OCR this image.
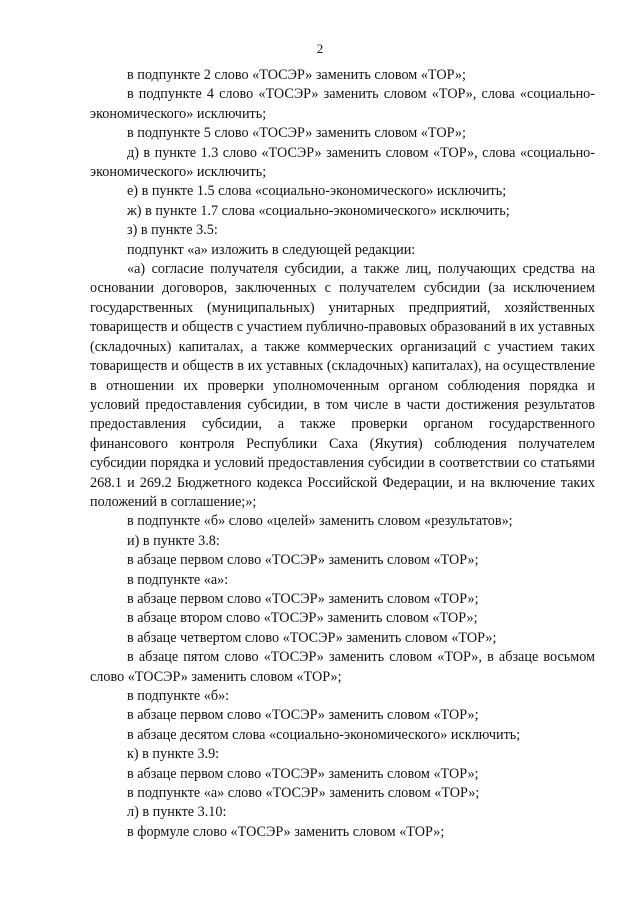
2

в подпункте 2 слово «ТОСЭР» заменить словом «ТОР»;

в подпункте 4 слово «ТОСЭР» заменить словом «ТОР», слова «социально-экономического» исключить;

в подпункте 5 слово «ТОСЭР» заменить словом «ТОР»;

д) в пункте 1.3 слово «ТОСЭР» заменить словом «ТОР», слова «социально-экономического» исключить;

е) в пункте 1.5 слова «социально-экономического» исключить;

ж) в пункте 1.7 слова «социально-экономического» исключить;

з) в пункте 3.5:

подпункт «а» изложить в следующей редакции:

«а) согласие получателя субсидии, а также лиц, получающих средства на основании договоров, заключенных с получателем субсидии (за исключением государственных (муниципальных) унитарных предприятий, хозяйственных товариществ и обществ с участием публично-правовых образований в их уставных (складочных) капиталах, а также коммерческих организаций с участием таких товариществ и обществ в их уставных (складочных) капиталах), на осуществление в отношении их проверки уполномоченным органом соблюдения порядка и условий предоставления субсидии, в том числе в части достижения результатов предоставления субсидии, а также проверки органом государственного финансового контроля Республики Саха (Якутия) соблюдения получателем субсидии порядка и условий предоставления субсидии в соответствии со статьями 268.1 и 269.2 Бюджетного кодекса Российской Федерации, и на включение таких положений в соглашение;»;

в подпункте «б» слово «целей» заменить словом «результатов»;

и) в пункте 3.8:

в абзаце первом слово «ТОСЭР» заменить словом «ТОР»;

в подпункте «а»:

в абзаце первом слово «ТОСЭР» заменить словом «ТОР»;

в абзаце втором слово «ТОСЭР» заменить словом «ТОР»;

в абзаце четвертом слово «ТОСЭР» заменить словом «ТОР»;

в абзаце пятом слово «ТОСЭР» заменить словом «ТОР», в абзаце восьмом слово «ТОСЭР» заменить словом «ТОР»;

в подпункте «б»:

в абзаце первом слово «ТОСЭР» заменить словом «ТОР»;

в абзаце десятом слова «социально-экономического» исключить;

к) в пункте 3.9:

в абзаце первом слово «ТОСЭР» заменить словом «ТОР»;

в подпункте «а» слово «ТОСЭР» заменить словом «ТОР»;

л) в пункте 3.10:

в формуле слово «ТОСЭР» заменить словом «ТОР»;
